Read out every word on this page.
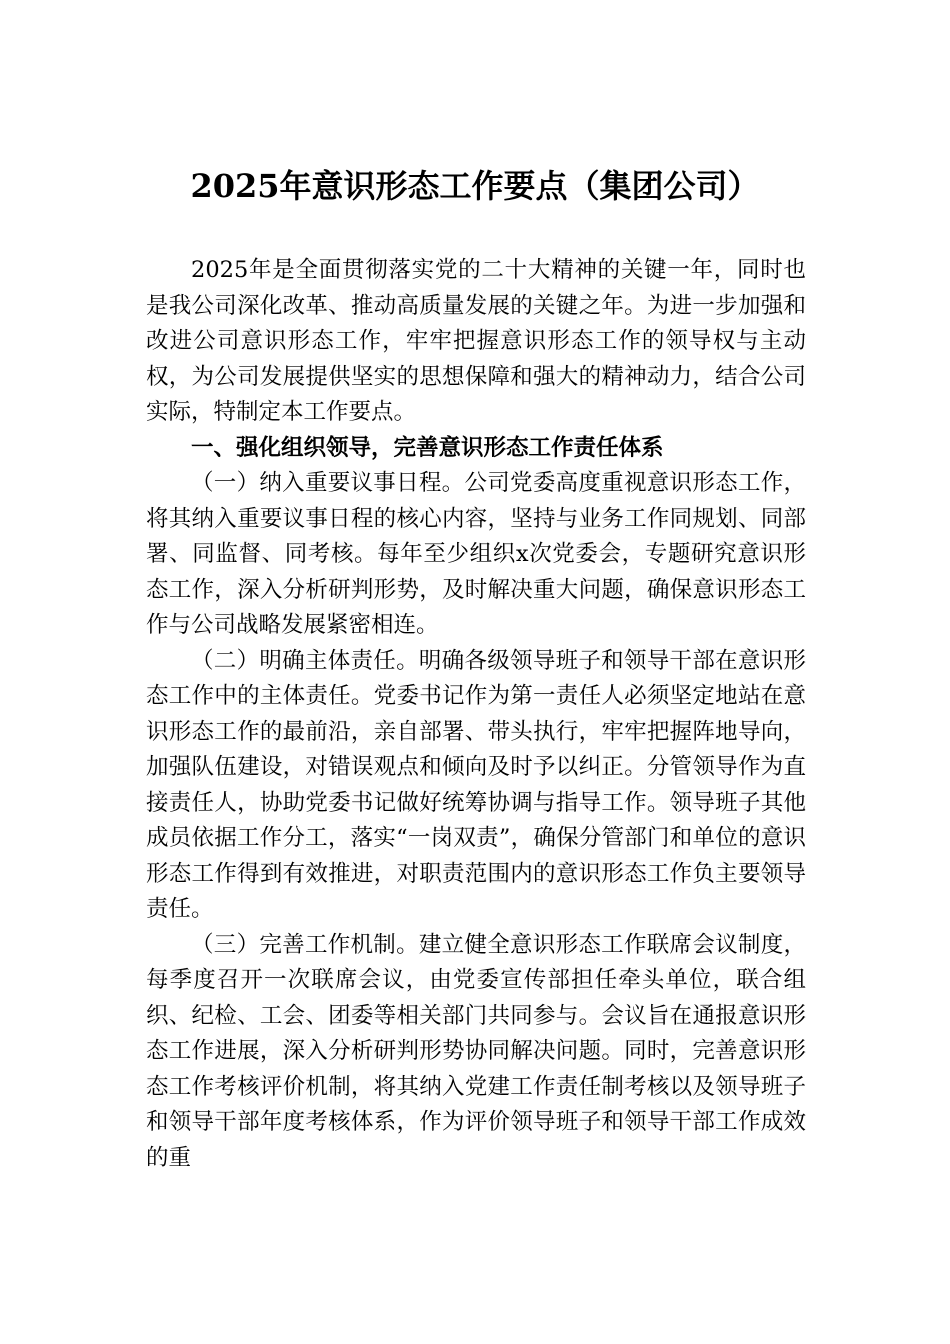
2025年意识形态工作要点（集团公司）

2025年是全面贯彻落实党的二十大精神的关键一年，同时也是我公司深化改革、推动高质量发展的关键之年。为进一步加强和改进公司意识形态工作，牢牢把握意识形态工作的领导权与主动权，为公司发展提供坚实的思想保障和强大的精神动力，结合公司实际，特制定本工作要点。

一、强化组织领导，完善意识形态工作责任体系

（一）纳入重要议事日程。公司党委高度重视意识形态工作，将其纳入重要议事日程的核心内容，坚持与业务工作同规划、同部署、同监督、同考核。每年至少组织x次党委会，专题研究意识形态工作，深入分析研判形势，及时解决重大问题，确保意识形态工作与公司战略发展紧密相连。

（二）明确主体责任。明确各级领导班子和领导干部在意识形态工作中的主体责任。党委书记作为第一责任人必须坚定地站在意识形态工作的最前沿，亲自部署、带头执行，牢牢把握阵地导向，加强队伍建设，对错误观点和倾向及时予以纠正。分管领导作为直接责任人，协助党委书记做好统筹协调与指导工作。领导班子其他成员依据工作分工，落实“一岗双责”，确保分管部门和单位的意识形态工作得到有效推进，对职责范围内的意识形态工作负主要领导责任。

（三）完善工作机制。建立健全意识形态工作联席会议制度，每季度召开一次联席会议，由党委宣传部担任牵头单位，联合组织、纪检、工会、团委等相关部门共同参与。会议旨在通报意识形态工作进展，深入分析研判形势协同解决问题。同时，完善意识形态工作考核评价机制，将其纳入党建工作责任制考核以及领导班子和领导干部年度考核体系，作为评价领导班子和领导干部工作成效的重
